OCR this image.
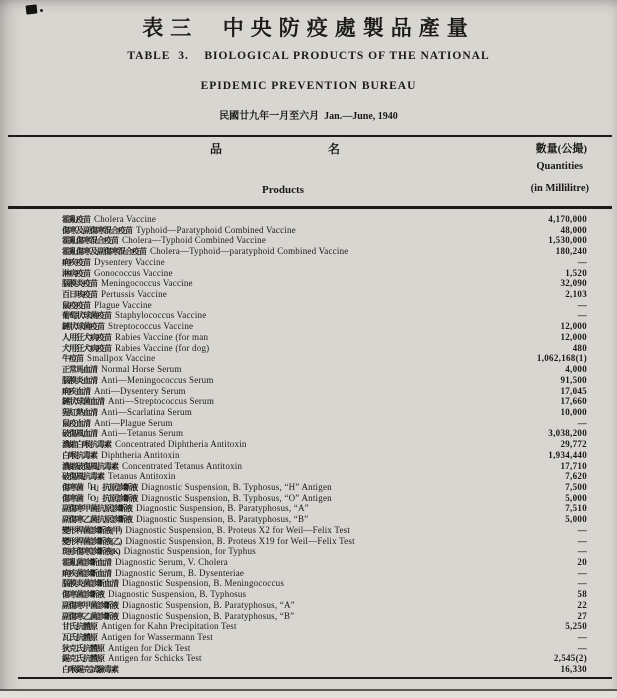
表三  中央防疫處製品產量
TABLE  3.    BIOLOGICAL PRODUCTS OF THE NATIONAL
EPIDEMIC PREVENTION BUREAU
民國廿九年一月至六月  Jan.—June, 1940
品	名	數量(公撮)
Quantities
Products	(in Millilitre)
霍亂疫苗 Cholera Vaccine	4,170,000
傷寒及副傷寒混合疫苗 Typhoid—Paratyphoid Combined Vaccine	48,000
霍亂傷寒混合疫苗 Cholera—Typhoid Combined Vaccine	1,530,000
霍亂傷寒及副傷寒混合疫苗 Cholera—Typhoid—paratyphoid Combined Vaccine	180,240
痢疾疫苗 Dysentery Vaccine	—
淋病疫苗 Gonococcus Vaccine	1,520
腦膜炎疫苗 Meningococcus Vaccine	32,090
百日咳疫苗 Pertussis Vaccine	2,103
鼠疫疫苗 Plague Vaccine	—
葡萄狀球菌疫苗 Staphylococcus Vaccine	—
鏈狀球菌疫苗 Streptococcus Vaccine	12,000
人用狂犬病疫苗 Rabies Vaccine (for man	12,000
犬用狂犬病疫苗 Rabies Vaccine (for dog)	480
牛痘苗 Smallpox Vaccine	1,062,168(1)
正常馬血清 Normal Horse Serum	4,000
腦膜炎血清 Anti—Meningococcus Serum	91,500
痢疾血清 Anti—Dysentery Serum	17,045
鏈狀球菌血清 Anti—Streptococcus Serum	17,660
猩紅熱血清 Anti—Scarlatina Serum	10,000
鼠疫血清 Anti—Plague Serum	—
破傷風血清 Anti—Tetanus Serum	3,038,200
濃縮白喉抗毒素 Concentrated Diphtheria Antitoxin	29,772
白喉抗毒素 Diphtheria Antitoxin	1,934,440
濃縮破傷風抗毒素 Concentrated Tetanus Antitoxin	17,710
破傷風抗毒素 Tetanus Antitoxin	7,620
傷寒菌「H」抗原診斷液 Diagnostic Suspension, B. Typhosus, “H” Antigen	7,500
傷寒菌「O」抗原診斷液 Diagnostic Suspension, B. Typhosus, “O” Antigen	5,000
副傷寒甲菌抗原診斷液 Diagnostic Suspension, B. Paratyphosus, “A”	7,510
副傷寒乙菌抗原診斷液 Diagnostic Suspension, B. Paratyphosus, “B”	5,000
變形桿菌診斷液(甲) Diagnostic Suspension, B. Proteus X2 for Weil—Felix Test	—
變形桿菌診斷液(乙) Diagnostic Suspension, B. Proteus X19 for Weil—Felix Test	—
斑疹傷寒診斷液(K) Diagnostic Suspension, for Typhus	—
霍亂菌診斷血清 Diagnostic Serum, V. Cholera	20
痢疾菌診斷血清 Diagnostic Serum, B. Dysenteriae	—
腦膜炎菌診斷血清 Diagnostic Suspension, B. Meningococcus	—
傷寒菌診斷液 Diagnostic Suspension, B. Typhosus	58
副傷寒甲菌診斷液 Diagnostic Suspension, B. Paratyphosus, “A”	22
副傷寒乙菌診斷液 Diagnostic Suspension, B. Paratyphosus, “B”	27
甘氏抗體原 Antigen for Kahn Precipitation Test	5,250
瓦氏抗體原 Antigen for Wassermann Test	—
狄克氏抗體原 Antigen for Dick Test	—
錫克氏抗體原 Antigen for Schicks Test	2,545(2)
白喉錫克試驗毒素	16,330
